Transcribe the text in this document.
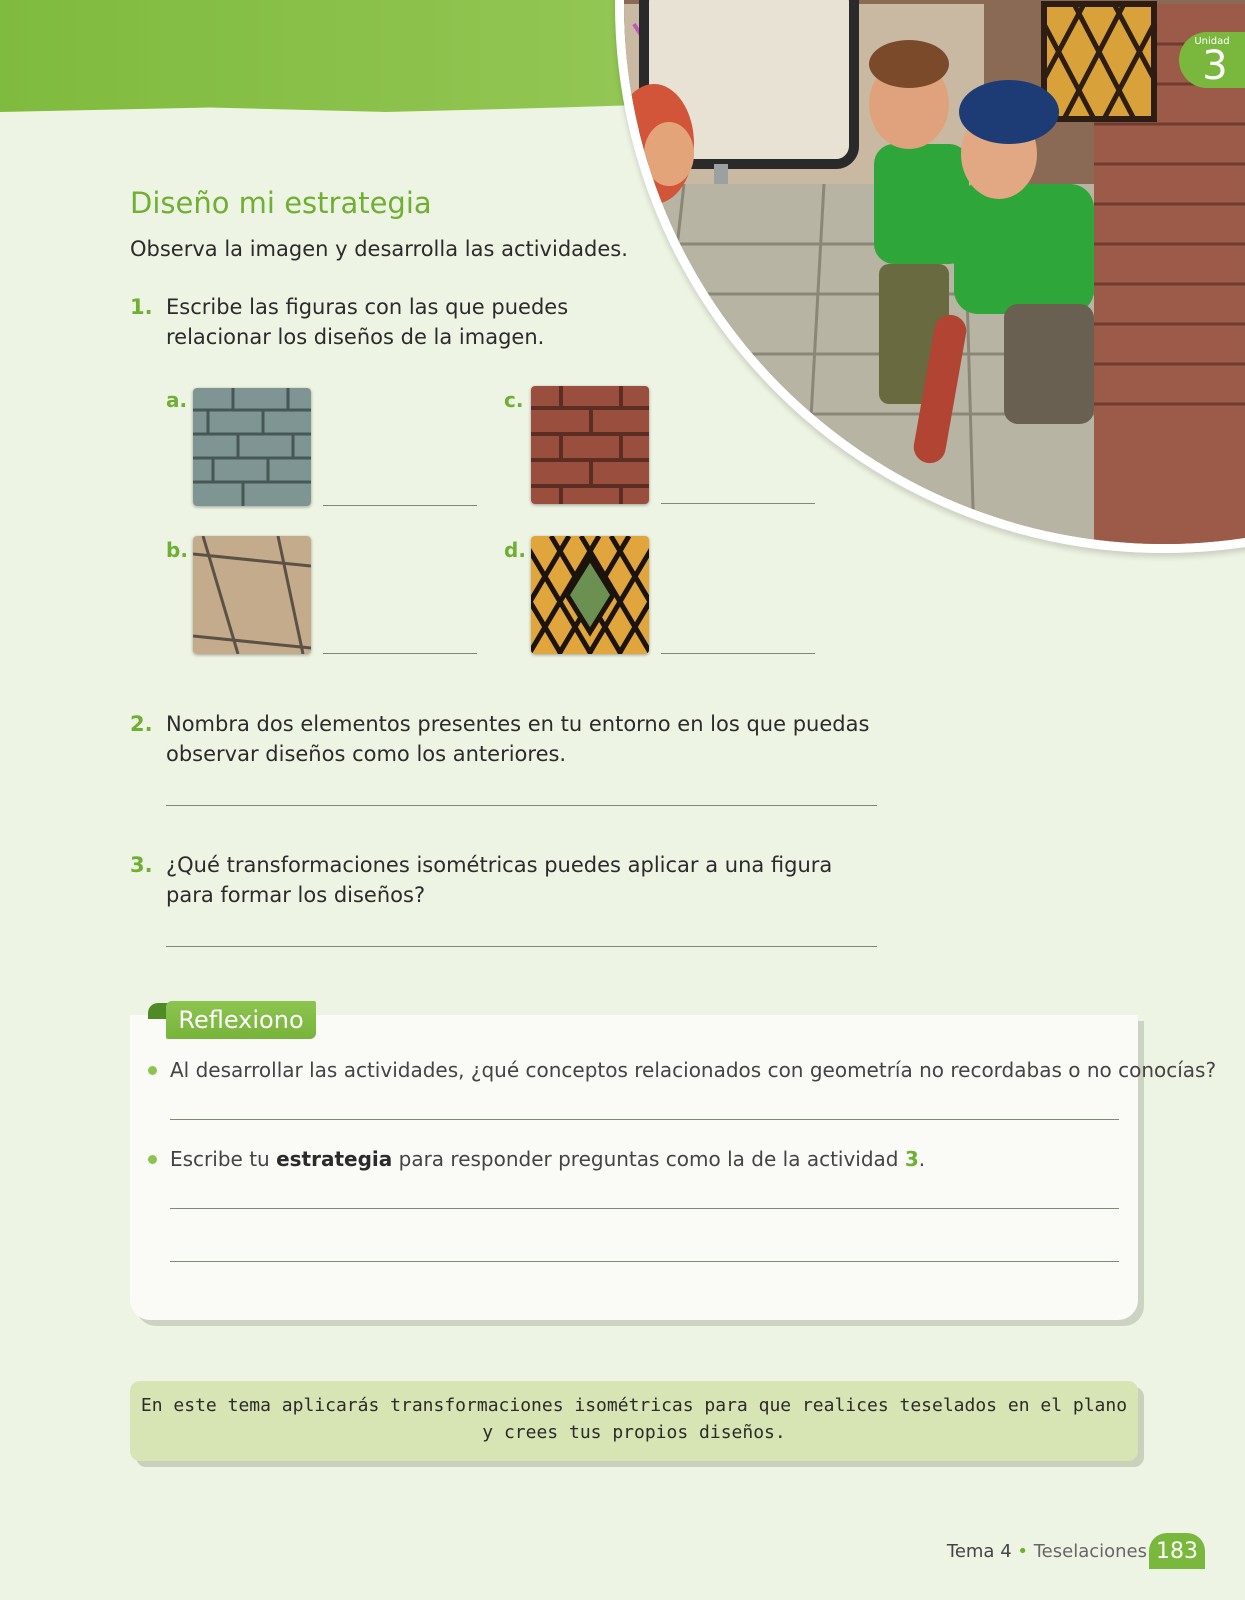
Unidad
3
Diseño mi estrategia
Observa la imagen y desarrolla las actividades.
1. Escribe las figuras con las que puedes relacionar los diseños de la imagen.
a.
b.
c.
d.
2. Nombra dos elementos presentes en tu entorno en los que puedas observar diseños como los anteriores.
3. ¿Qué transformaciones isométricas puedes aplicar a una figura para formar los diseños?
Reflexiono
Al desarrollar las actividades, ¿qué conceptos relacionados con geometría no recordabas o no conocías?
Escribe tu estrategia para responder preguntas como la de la actividad 3.
En este tema aplicarás transformaciones isométricas para que realices teselados en el plano
y crees tus propios diseños.
Tema 4 • Teselaciones 183
